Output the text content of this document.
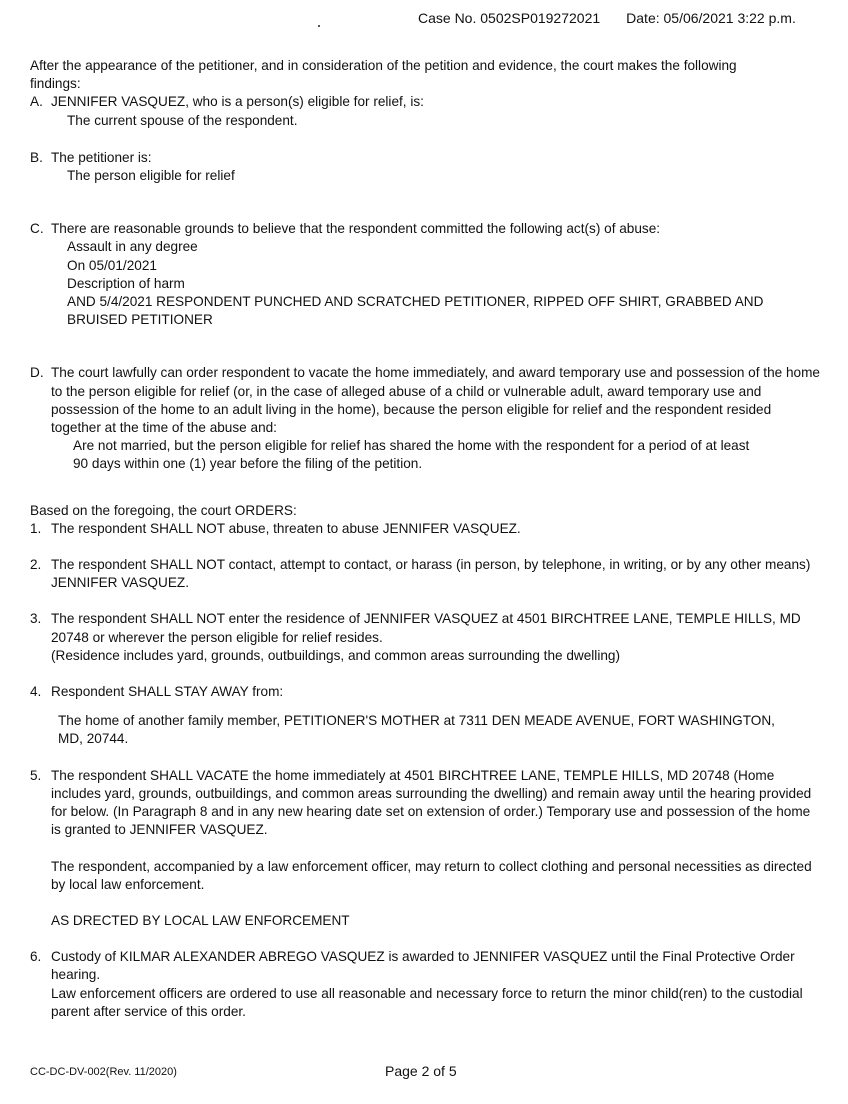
Case No. 0502SP019272021 Date: 05/06/2021 3:22 p.m.

After the appearance of the petitioner, and in consideration of the petition and evidence, the court makes the following findings:

A. JENNIFER VASQUEZ, who is a person(s) eligible for relief, is:

The current spouse of the respondent.

B. The petitioner is:

The person eligible for relief

C. There are reasonable grounds to believe that the respondent committed the following act(s) of abuse:

Assault in any degree

On 05/01/2021

Description of harm

AND 5/4/2021 RESPONDENT PUNCHED AND SCRATCHED PETITIONER, RIPPED OFF SHIRT, GRABBED AND BRUISED PETITIONER

D. The court lawfully can order respondent to vacate the home immediately, and award temporary use and possession of the home to the person eligible for relief (or, in the case of alleged abuse of a child or vulnerable adult, award temporary use and possession of the home to an adult living in the home), because the person eligible for relief and the respondent resided together at the time of the abuse and:

Are not married, but the person eligible for relief has shared the home with the respondent for a period of at least 90 days within one (1) year before the filing of the petition.

Based on the foregoing, the court ORDERS:

1. The respondent SHALL NOT abuse, threaten to abuse JENNIFER VASQUEZ.
2. The respondent SHALL NOT contact, attempt to contact, or harass (in person, by telephone, in writing, or by any other means) JENNIFER VASQUEZ.
3. The respondent SHALL NOT enter the residence of JENNIFER VASQUEZ at 4501 BIRCHTREE LANE, TEMPLE HILLS, MD 20748 or wherever the person eligible for relief resides.

(Residence includes yard, grounds, outbuildings, and common areas surrounding the dwelling)

4. Respondent SHALL STAY AWAY from:

The home of another family member, PETITIONER'S MOTHER at 7311 DEN MEADE AVENUE, FORT WASHINGTON, MD, 20744.

5. The respondent SHALL VACATE the home immediately at 4501 BIRCHTREE LANE, TEMPLE HILLS, MD 20748 (Home includes yard, grounds, outbuildings, and common areas surrounding the dwelling) and remain away until the hearing provided for below. (In Paragraph 8 and in any new hearing date set on extension of order.) Temporary use and possession of the home is granted to JENNIFER VASQUEZ.

The respondent, accompanied by a law enforcement officer, may return to collect clothing and personal necessities as directed by local law enforcement.

AS DRECTED BY LOCAL LAW ENFORCEMENT

6. Custody of KILMAR ALEXANDER ABREGO VASQUEZ is awarded to JENNIFER VASQUEZ until the Final Protective Order hearing.

Law enforcement officers are ordered to use all reasonable and necessary force to return the minor child(ren) to the custodial parent after service of this order.

CC-DC-DV-002(Rev. 11/2020)	Page 2 of 5
